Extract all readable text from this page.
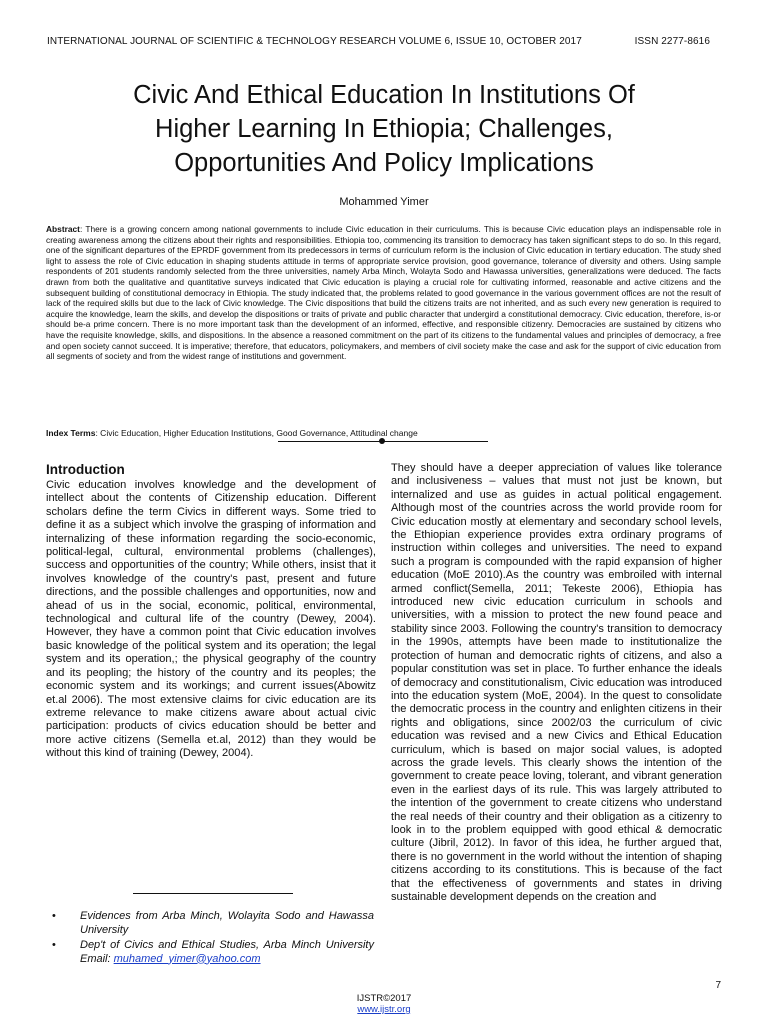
INTERNATIONAL JOURNAL OF SCIENTIFIC & TECHNOLOGY RESEARCH VOLUME 6, ISSUE 10, OCTOBER 2017	ISSN 2277-8616
Civic And Ethical Education In Institutions Of
Higher Learning In Ethiopia; Challenges,
Opportunities And Policy Implications
Mohammed Yimer
Abstract: There is a growing concern among national governments to include Civic education in their curriculums. This is because Civic education plays an indispensable role in creating awareness among the citizens about their rights and responsibilities. Ethiopia too, commencing its transition to democracy has taken significant steps to do so. In this regard, one of the significant departures of the EPRDF government from its predecessors in terms of curriculum reform is the inclusion of Civic education in tertiary education. The study shed light to assess the role of Civic education in shaping students attitude in terms of appropriate service provision, good governance, tolerance of diversity and others. Using sample respondents of 201 students randomly selected from the three universities, namely Arba Minch, Wolayta Sodo and Hawassa universities, generalizations were deduced. The facts drawn from both the qualitative and quantitative surveys indicated that Civic education is playing a crucial role for cultivating informed, reasonable and active citizens and the subsequent building of constitutional democracy in Ethiopia. The study indicated that, the problems related to good governance in the various government offices are not the result of lack of the required skills but due to the lack of Civic knowledge. The Civic dispositions that build the citizens traits are not inherited, and as such every new generation is required to acquire the knowledge, learn the skills, and develop the dispositions or traits of private and public character that undergird a constitutional democracy. Civic education, therefore, is-or should be-a prime concern. There is no more important task than the development of an informed, effective, and responsible citizenry. Democracies are sustained by citizens who have the requisite knowledge, skills, and dispositions. In the absence a reasoned commitment on the part of its citizens to the fundamental values and principles of democracy, a free and open society cannot succeed. It is imperative; therefore, that educators, policymakers, and members of civil society make the case and ask for the support of civic education from all segments of society and from the widest range of institutions and government.
Index Terms: Civic Education, Higher Education Institutions, Good Governance, Attitudinal change
Introduction

Civic education involves knowledge and the development of intellect about the contents of Citizenship education. Different scholars define the term Civics in different ways. Some tried to define it as a subject which involve the grasping of information and internalizing of these information regarding the socio-economic, political-legal, cultural, environmental problems (challenges), success and opportunities of the country; While others, insist that it involves knowledge of the country's past, present and future directions, and the possible challenges and opportunities, now and ahead of us in the social, economic, political, environmental, technological and cultural life of the country (Dewey, 2004). However, they have a common point that Civic education involves basic knowledge of the political system and its operation; the legal system and its operation,; the physical geography of the country and its peopling; the history of the country and its peoples; the economic system and its workings; and current issues(Abowitz et.al 2006). The most extensive claims for civic education are its extreme relevance to make citizens aware about actual civic participation: products of civics education should be better and more active citizens (Semella et.al, 2012) than they would be without this kind of training (Dewey, 2004).

They should have a deeper appreciation of values like tolerance and inclusiveness – values that must not just be known, but internalized and use as guides in actual political engagement. Although most of the countries across the world provide room for Civic education mostly at elementary and secondary school levels, the Ethiopian experience provides extra ordinary programs of instruction within colleges and universities. The need to expand such a program is compounded with the rapid expansion of higher education (MoE 2010).As the country was embroiled with internal armed conflict(Semella, 2011; Tekeste 2006), Ethiopia has introduced new civic education curriculum in schools and universities, with a mission to protect the new found peace and stability since 2003. Following the country's transition to democracy in the 1990s, attempts have been made to institutionalize the protection of human and democratic rights of citizens, and also a popular constitution was set in place. To further enhance the ideals of democracy and constitutionalism, Civic education was introduced into the education system (MoE, 2004). In the quest to consolidate the democratic process in the country and enlighten citizens in their rights and obligations, since 2002/03 the curriculum of civic education was revised and a new Civics and Ethical Education curriculum, which is based on major social values, is adopted across the grade levels. This clearly shows the intention of the government to create peace loving, tolerant, and vibrant generation even in the earliest days of its rule. This was largely attributed to the intention of the government to create citizens who understand the real needs of their country and their obligation as a citizenry to look in to the problem equipped with good ethical & democratic culture (Jibril, 2012). In favor of this idea, he further argued that, there is no government in the world without the intention of shaping citizens according to its constitutions. This is because of the fact that the effectiveness of governments and states in driving sustainable development depends on the creation and

• Evidences from Arba Minch, Wolayita Sodo and Hawassa University
• Dep't of Civics and Ethical Studies, Arba Minch University Email: muhamed_yimer@yahoo.com
7
IJSTR©2017
www.ijstr.org
